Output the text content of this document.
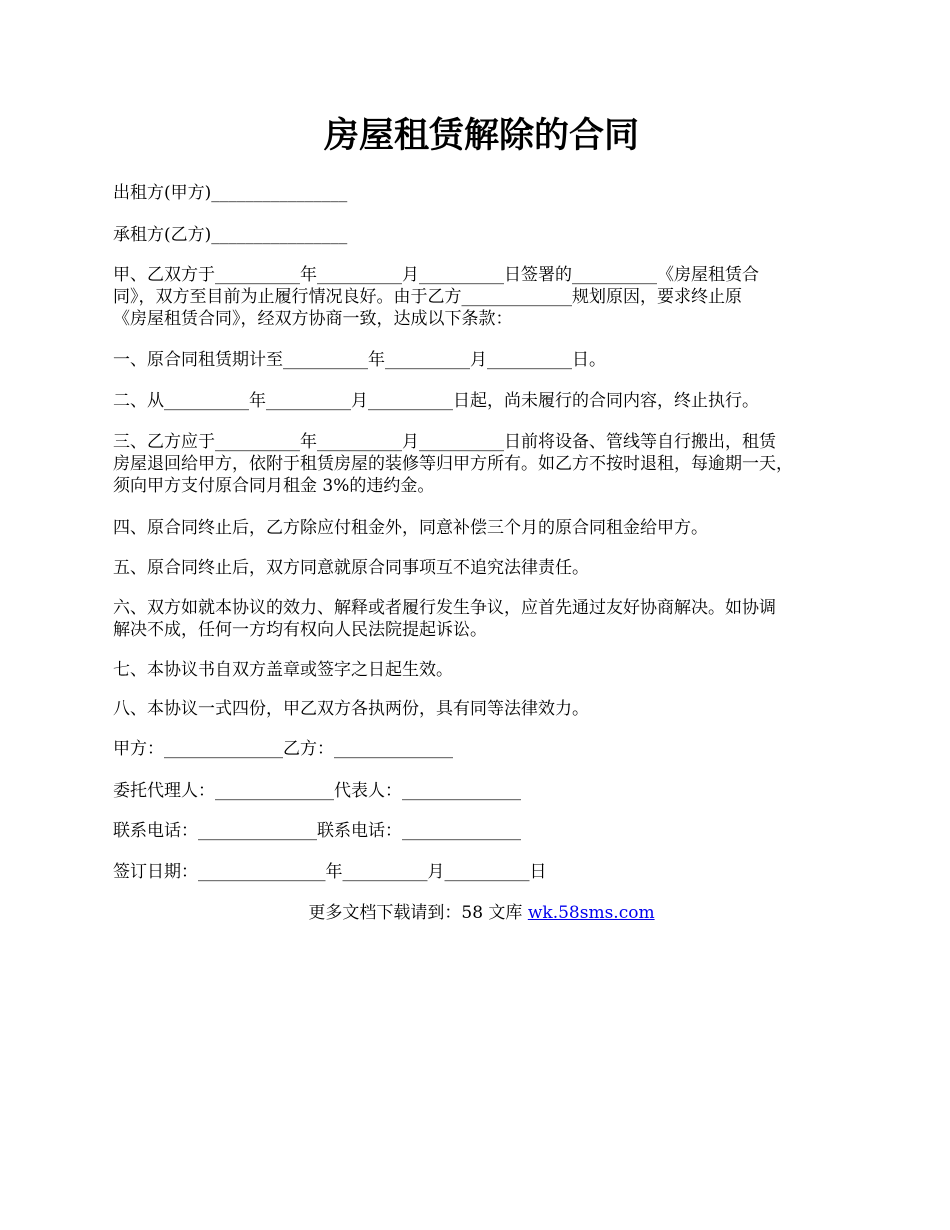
房屋租赁解除的合同

出租方(甲方)________________

承租方(乙方)________________

甲、乙双方于__________年__________月__________日签署的__________《房屋租赁合
同》，双方至目前为止履行情况良好。由于乙方_____________规划原因，要求终止原
《房屋租赁合同》，经双方协商一致，达成以下条款：

一、原合同租赁期计至__________年__________月__________日。

二、从__________年__________月__________日起，尚未履行的合同内容，终止执行。

三、乙方应于__________年__________月__________日前将设备、管线等自行搬出，租赁
房屋退回给甲方，依附于租赁房屋的装修等归甲方所有。如乙方不按时退租，每逾期一天，
须向甲方支付原合同月租金 3%的违约金。

四、原合同终止后，乙方除应付租金外，同意补偿三个月的原合同租金给甲方。

五、原合同终止后，双方同意就原合同事项互不追究法律责任。

六、双方如就本协议的效力、解释或者履行发生争议，应首先通过友好协商解决。如协调
解决不成，任何一方均有权向人民法院提起诉讼。

七、本协议书自双方盖章或签字之日起生效。

八、本协议一式四份，甲乙双方各执两份，具有同等法律效力。

甲方：______________乙方：______________

委托代理人：______________代表人：______________

联系电话：______________联系电话：______________

签订日期：_______________年__________月__________日

更多文档下载请到：58 文库 wk.58sms.com
